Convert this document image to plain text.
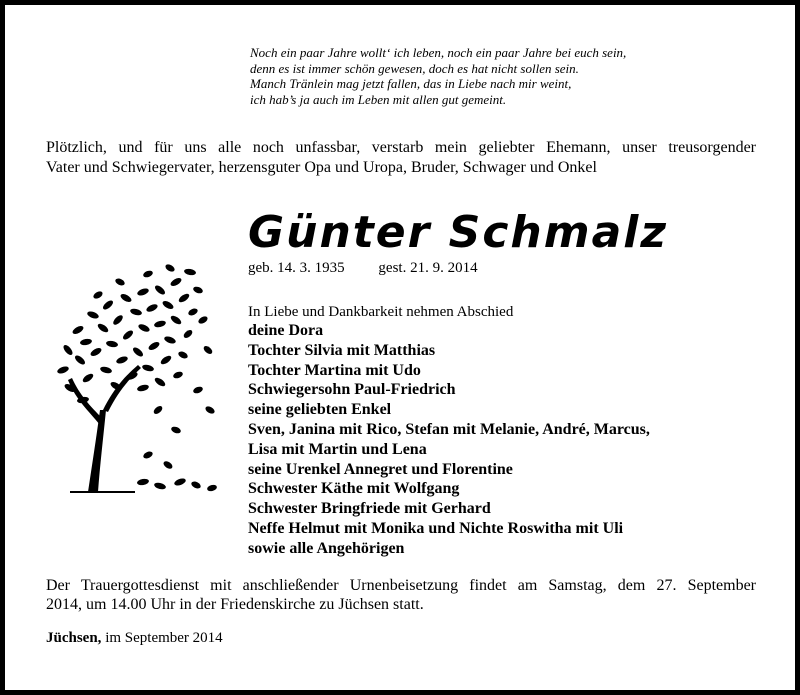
Noch ein paar Jahre wollt‘ ich leben, noch ein paar Jahre bei euch sein,
denn es ist immer schön gewesen, doch es hat nicht sollen sein.
Manch Tränlein mag jetzt fallen, das in Liebe nach mir weint,
ich hab’s ja auch im Leben mit allen gut gemeint.
Plötzlich, und für uns alle noch unfassbar, verstarb mein geliebter Ehemann, unser treusorgender
Vater und Schwiegervater, herzensguter Opa und Uropa, Bruder, Schwager und Onkel
Günter Schmalz
geb. 14. 3. 1935 gest. 21. 9. 2014
In Liebe und Dankbarkeit nehmen Abschied
deine Dora
Tochter Silvia mit Matthias
Tochter Martina mit Udo
Schwiegersohn Paul-Friedrich
seine geliebten Enkel
Sven, Janina mit Rico, Stefan mit Melanie, André, Marcus,
Lisa mit Martin und Lena
seine Urenkel Annegret und Florentine
Schwester Käthe mit Wolfgang
Schwester Bringfriede mit Gerhard
Neffe Helmut mit Monika und Nichte Roswitha mit Uli
sowie alle Angehörigen
Der Trauergottesdienst mit anschließender Urnenbeisetzung findet am Samstag, dem 27. September
2014, um 14.00 Uhr in der Friedenskirche zu Jüchsen statt.
Jüchsen, im September 2014
